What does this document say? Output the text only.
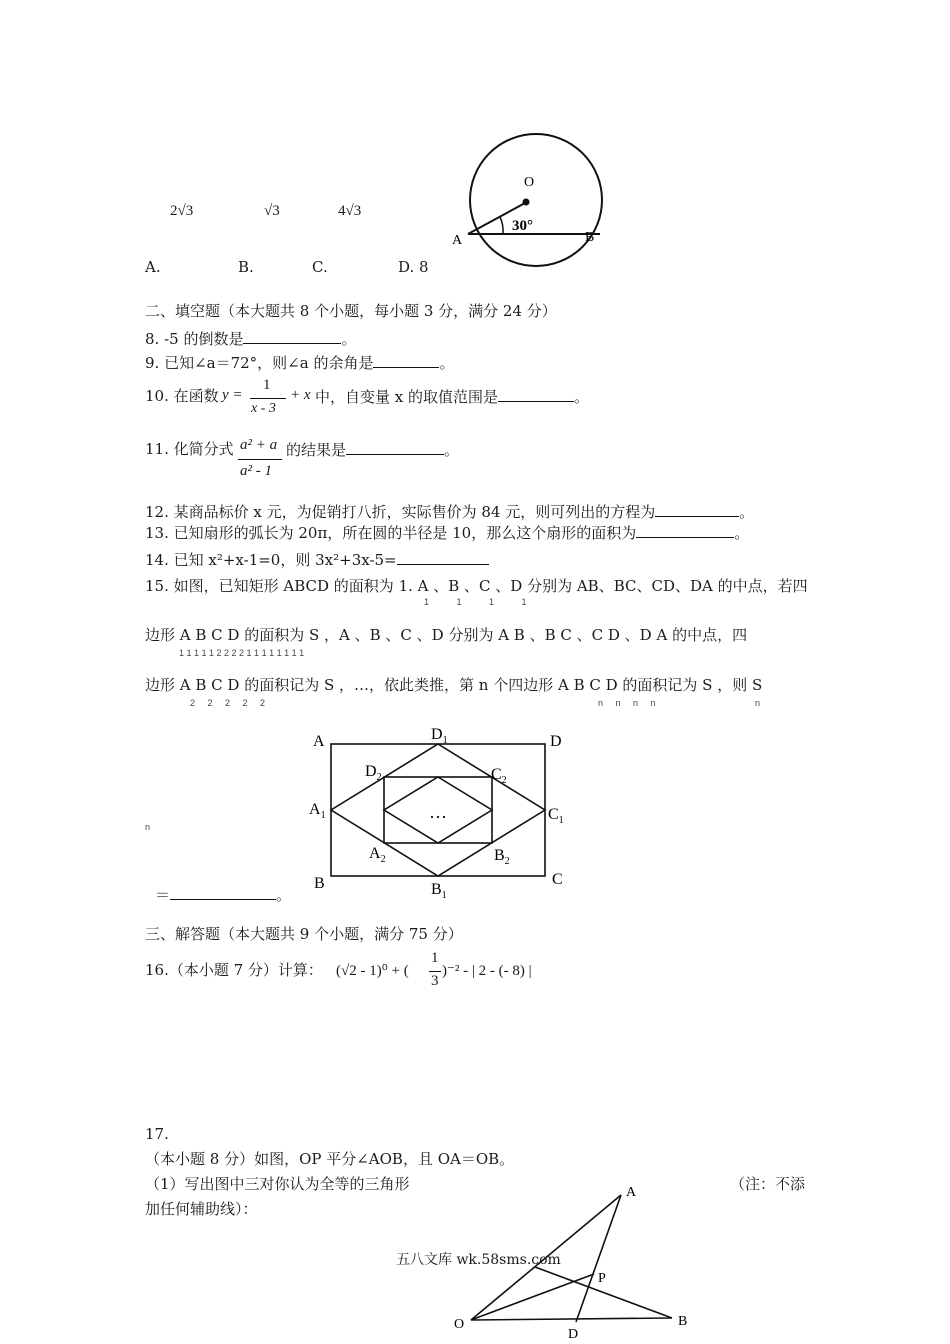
2√3	√3	4√3
A.	B.	C.	D. 8
O
30°
A	B
二、填空题（本大题共 8 个小题，每小题 3 分，满分 24 分）
8. -5 的倒数是	。
9. 已知∠a＝72°，则∠a 的余角是	。
10. 在函数 y =
1
x - 3
+ x 中，自变量 x 的取值范围是	。
11. 化简分式 a² + a
a² - 1
的结果是	。
12. 某商品标价 x 元，为促销打八折，实际售价为 84 元，则可列出的方程为	。
13. 已知扇形的弧长为 20π，所在圆的半径是 10，那么这个扇形的面积为	。
14. 已知 x²+x-1=0，则 3x²+3x-5=
15. 如图，已知矩形 ABCD 的面积为 1. A 、B 、C 、D 分别为 AB、BC、CD、DA 的中点，若四
1 1 1 1
边形 A B C D 的面积为 S ，A 、B 、C 、D 分别为 A B 、B C 、C D 、D A 的中点，四
1 1 1 1 1 2 2 2 2 1 1 1 1 1 1 1 1
边形 A B C D 的面积记为 S ，…，依此类推，第 n 个四边形 A B C D 的面积记为 S ，则 S
2 2 2 2 2	n n n n	n
n
＝	。
A	$D_1$	D
$D_2$	$C_2$
$A_1$	…	$C_1$
$A_2$	$B_2$
B	$B_1$
C
三、解答题（本大题共 9 个小题，满分 75 分）
16.（本小题 7 分）计算： (√2 - 1)⁰ + (
1
3
)⁻² - | 2 - (- 8) |
17.
（本小题 8 分）如图，OP 平分∠AOB，且 OA＝OB。
（1）写出图中三对你认为全等的三角形	（注：不添
加任何辅助线）：
A
P
O	B
D
五八文库 wk.58sms.com
